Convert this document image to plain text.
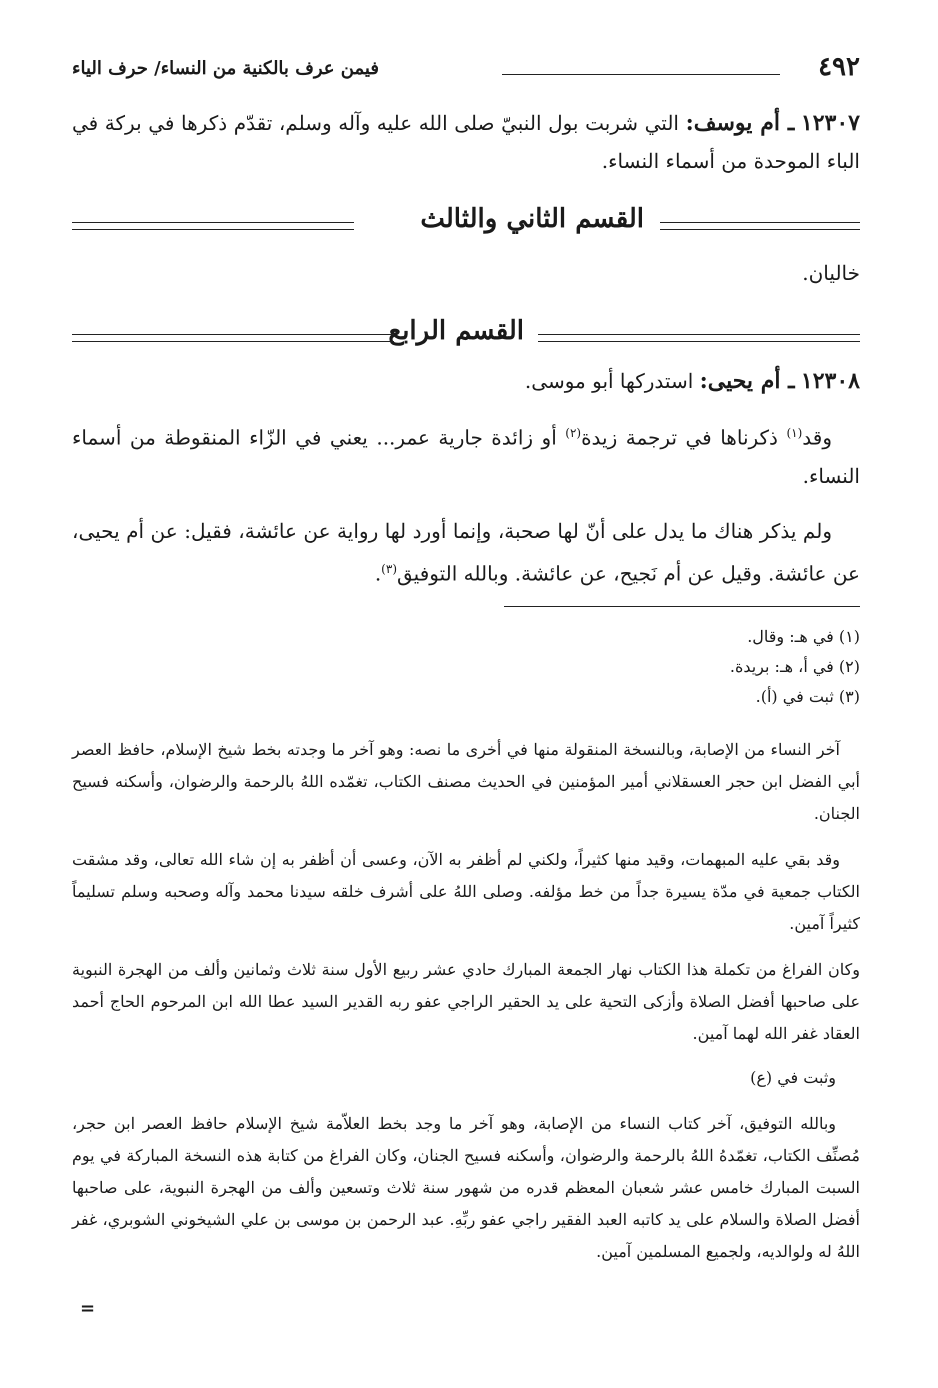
٤٩٢
فيمن عرف بالكنية من النساء/ حرف الياء

١٢٣٠٧ ـ أم يوسف: التي شربت بول النبيّ صلى الله عليه وآله وسلم، تقدّم ذكرها في بركة في الباء الموحدة من أسماء النساء.

القسم الثاني والثالث

خاليان.

القسم الرابع

١٢٣٠٨ ـ أم يحيى: استدركها أبو موسى.

وقد$^{(١)}$ ذكرناها في ترجمة زيدة$^{(٢)}$ أو زائدة جارية عمر... يعني في الزّاء المنقوطة من أسماء النساء.

ولم يذكر هناك ما يدل على أنّ لها صحبة، وإنما أورد لها رواية عن عائشة، فقيل: عن أم يحيى، عن عائشة. وقيل عن أم نَجيح، عن عائشة. وبالله التوفيق$^{(٣)}$.

(١) في هـ: وقال.
(٢) في أ، هـ: بريدة.
(٣) ثبت في (أ).

آخر النساء من الإصابة، وبالنسخة المنقولة منها في أخرى ما نصه: وهو آخر ما وجدته بخط شيخ الإسلام، حافظ العصر أبي الفضل ابن حجر العسقلاني أمير المؤمنين في الحديث مصنف الكتاب، تغمّده اللهُ بالرحمة والرضوان، وأسكنه فسيح الجنان.

وقد بقي عليه المبهمات، وقيد منها كثيراً، ولكني لم أظفر به الآن، وعسى أن أظفر به إن شاء الله تعالى، وقد مشقت الكتاب جمعية في مدّة يسيرة جداً من خط مؤلفه. وصلى اللهُ على أشرف خلقه سيدنا محمد وآله وصحبه وسلم تسليماً كثيراً آمين.

وكان الفراغ من تكملة هذا الكتاب نهار الجمعة المبارك حادي عشر ربيع الأول سنة ثلاث وثمانين وألف من الهجرة النبوية على صاحبها أفضل الصلاة وأزكى التحية على يد الحقير الراجي عفو ربه القدير السيد عطا الله ابن المرحوم الحاج أحمد العقاد غفر الله لهما آمين.

وثبت في (ع)

وبالله التوفيق، آخر كتاب النساء من الإصابة، وهو آخر ما وجد بخط العلاّمة شيخ الإسلام حافظ العصر ابن حجر، مُصنِّف الكتاب، تغمّدهُ اللهُ بالرحمة والرضوان، وأسكنه فسيح الجنان، وكان الفراغ من كتابة هذه النسخة المباركة في يوم السبت المبارك خامس عشر شعبان المعظم قدره من شهور سنة ثلاث وتسعين وألف من الهجرة النبوية، على صاحبها أفضل الصلاة والسلام على يد كاتبه العبد الفقير راجي عفو ربِّهِ. عبد الرحمن بن موسى بن علي الشيخوني الشوبري، غفر اللهُ له ولوالديه، ولجميع المسلمين آمين.

=
